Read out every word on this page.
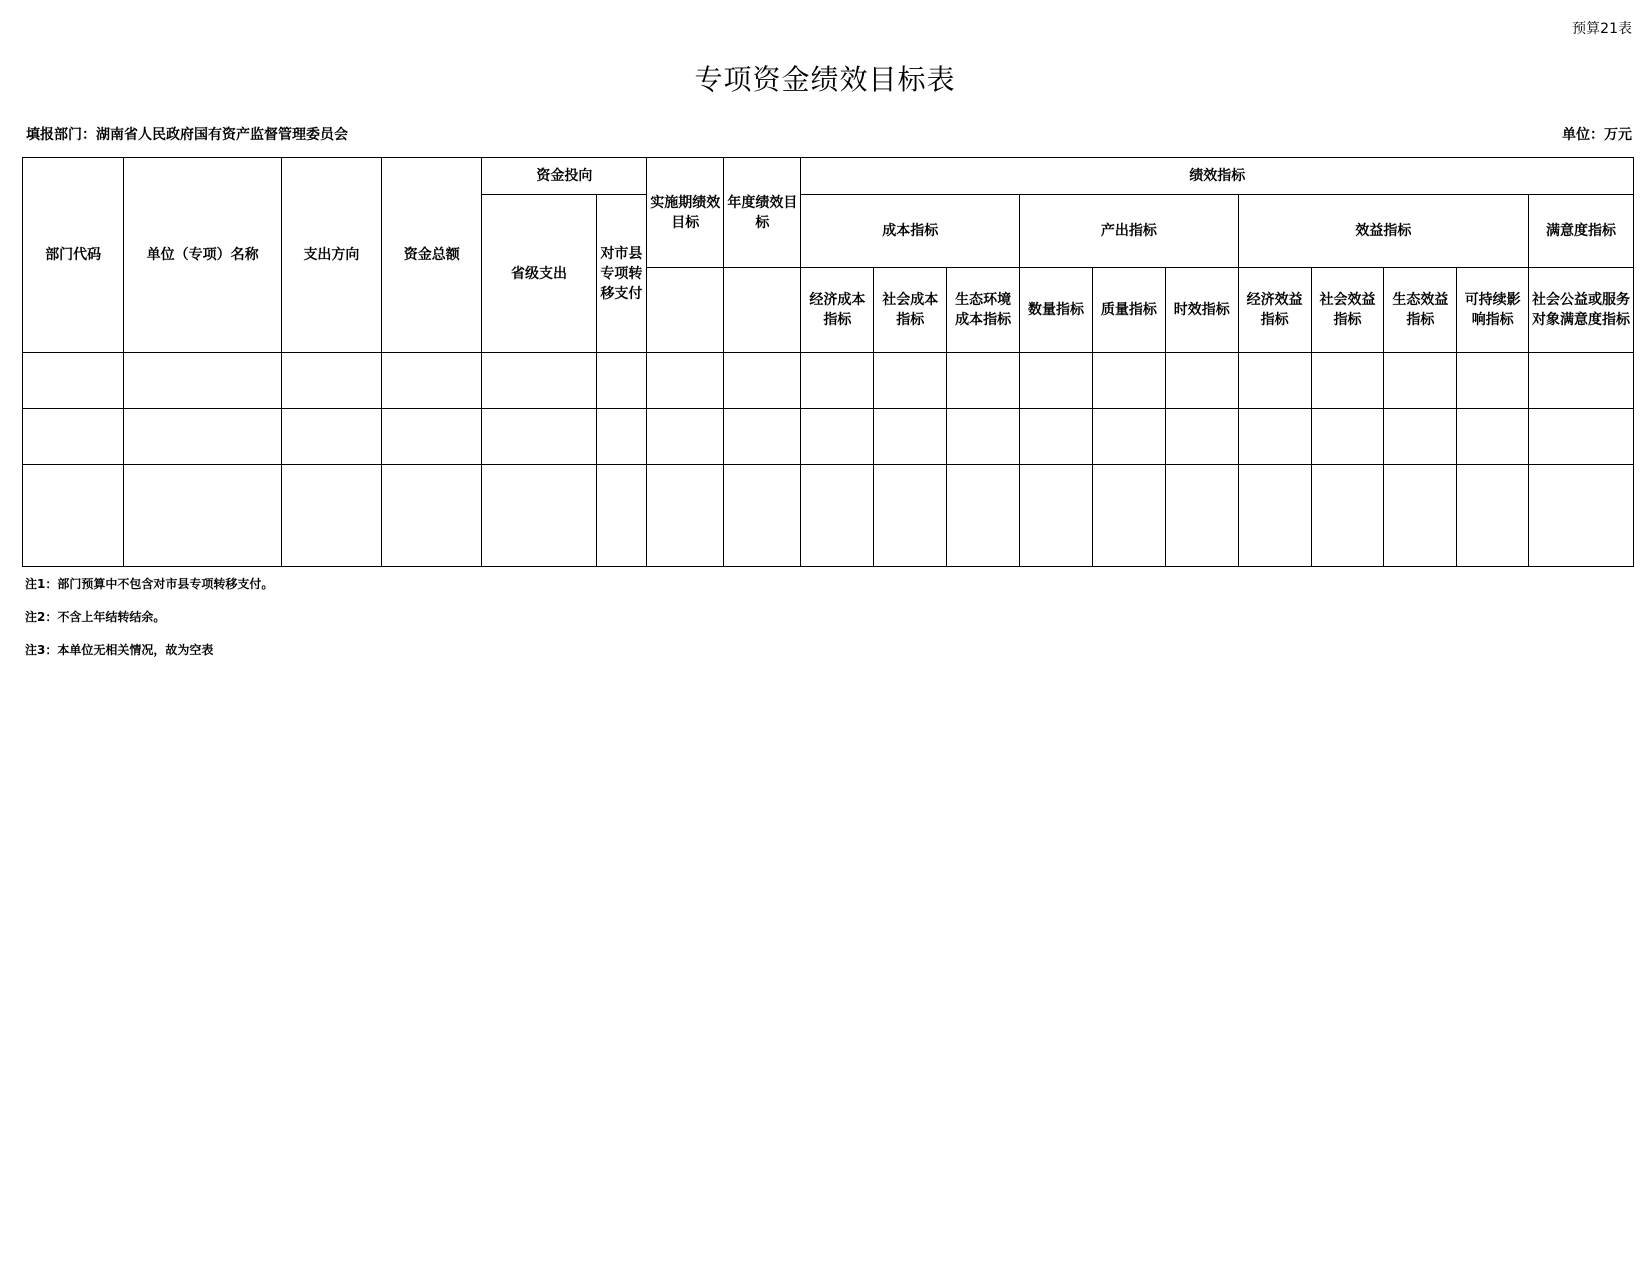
预算21表
专项资金绩效目标表
填报部门：湖南省人民政府国有资产监督管理委员会	单位：万元
部门代码	单位（专项）名称	支出方向	资金总额	资金投向		实施期绩效目标	年度绩效目标	绩效指标										
				省级支出	对市县专项转移支付			成本指标			产出指标			效益指标				满意度指标
								经济成本指标	社会成本指标	生态环境成本指标	数量指标	质量指标	时效指标	经济效益指标	社会效益指标	生态效益指标	可持续影响指标	社会公益或服务对象满意度指标

注1：部门预算中不包含对市县专项转移支付。
注2：不含上年结转结余。
注3：本单位无相关情况，故为空表
